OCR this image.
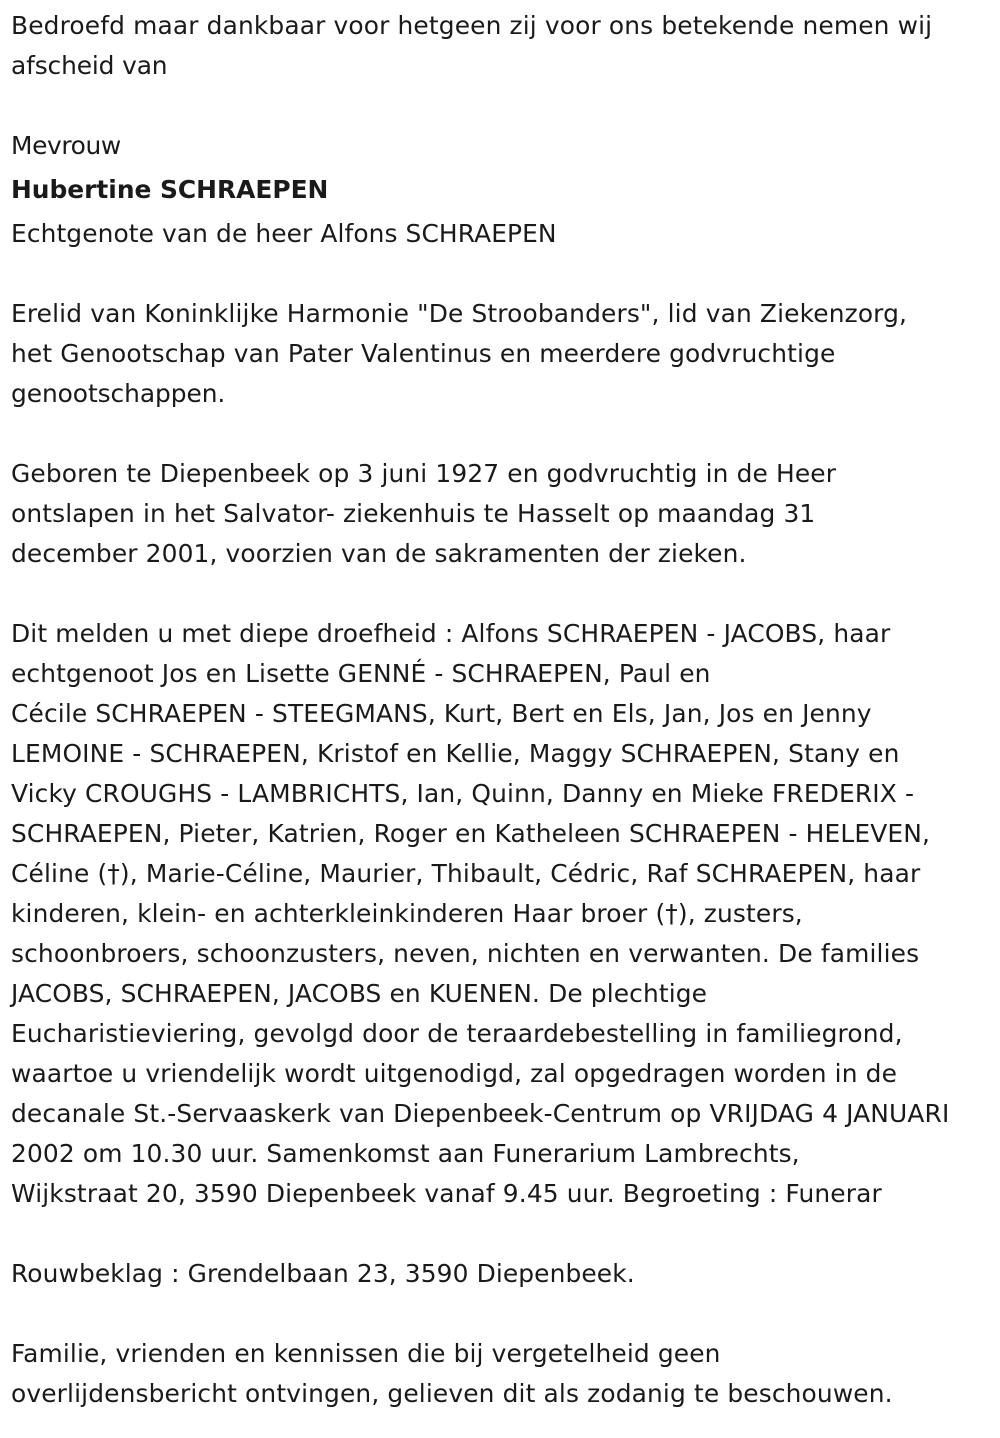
Bedroefd maar dankbaar voor hetgeen zij voor ons betekende nemen wij
afscheid van
Mevrouw
Hubertine SCHRAEPEN
Echtgenote van de heer Alfons SCHRAEPEN
Erelid van Koninklijke Harmonie "De Stroobanders", lid van Ziekenzorg,
het Genootschap van Pater Valentinus en meerdere godvruchtige
genootschappen.
Geboren te Diepenbeek op 3 juni 1927 en godvruchtig in de Heer
ontslapen in het Salvator- ziekenhuis te Hasselt op maandag 31
december 2001, voorzien van de sakramenten der zieken.
Dit melden u met diepe droefheid : Alfons SCHRAEPEN - JACOBS, haar
echtgenoot Jos en Lisette GENNÉ - SCHRAEPEN, Paul en
Cécile SCHRAEPEN - STEEGMANS, Kurt, Bert en Els, Jan, Jos en Jenny
LEMOINE - SCHRAEPEN, Kristof en Kellie, Maggy SCHRAEPEN, Stany en
Vicky CROUGHS - LAMBRICHTS, Ian, Quinn, Danny en Mieke FREDERIX -
SCHRAEPEN, Pieter, Katrien, Roger en Katheleen SCHRAEPEN - HELEVEN,
Céline (†), Marie-Céline, Maurier, Thibault, Cédric, Raf SCHRAEPEN, haar
kinderen, klein- en achterkleinkinderen Haar broer (†), zusters,
schoonbroers, schoonzusters, neven, nichten en verwanten. De families
JACOBS, SCHRAEPEN, JACOBS en KUENEN. De plechtige
Eucharistieviering, gevolgd door de teraardebestelling in familiegrond,
waartoe u vriendelijk wordt uitgenodigd, zal opgedragen worden in de
decanale St.-Servaaskerk van Diepenbeek-Centrum op VRIJDAG 4 JANUARI
2002 om 10.30 uur. Samenkomst aan Funerarium Lambrechts,
Wijkstraat 20, 3590 Diepenbeek vanaf 9.45 uur. Begroeting : Funerar
Rouwbeklag : Grendelbaan 23, 3590 Diepenbeek.
Familie, vrienden en kennissen die bij vergetelheid geen
overlijdensbericht ontvingen, gelieven dit als zodanig te beschouwen.
